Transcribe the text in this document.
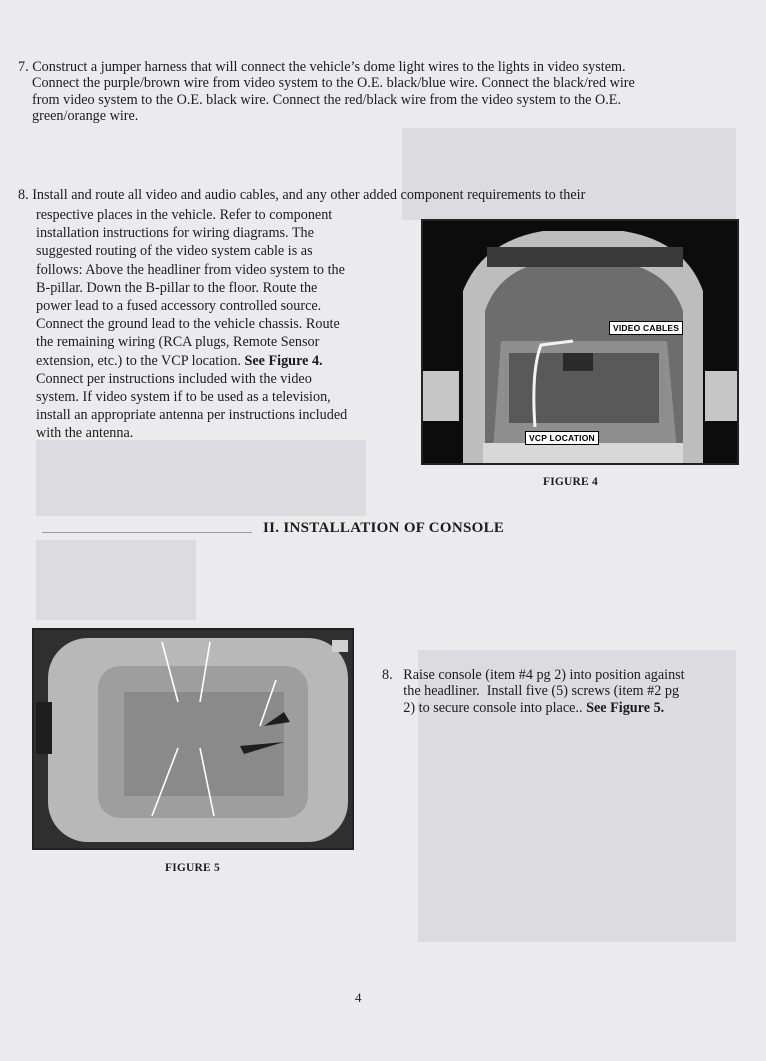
7. Construct a jumper harness that will connect the vehicle’s dome light wires to the lights in video system.
Connect the purple/brown wire from video system to the O.E. black/blue wire. Connect the black/red wire
from video system to the O.E. black wire. Connect the red/black wire from the video system to the O.E.
green/orange wire.
8. Install and route all video and audio cables, and any other added component requirements to their
respective places in the vehicle. Refer to component
installation instructions for wiring diagrams. The
suggested routing of the video system cable is as
follows: Above the headliner from video system to the
B-pillar. Down the B-pillar to the floor. Route the
power lead to a fused accessory controlled source.
Connect the ground lead to the vehicle chassis. Route
the remaining wiring (RCA plugs, Remote Sensor
extension, etc.) to the VCP location. See Figure 4.
Connect per instructions included with the video
system. If video system if to be used as a television,
install an appropriate antenna per instructions included
with the antenna.
VIDEO CABLES
VCP LOCATION
FIGURE 4
II. INSTALLATION OF CONSOLE
FIGURE 5
8.   Raise console (item #4 pg 2) into position against
the headliner.  Install five (5) screws (item #2 pg
2) to secure console into place.. See Figure 5.
4
